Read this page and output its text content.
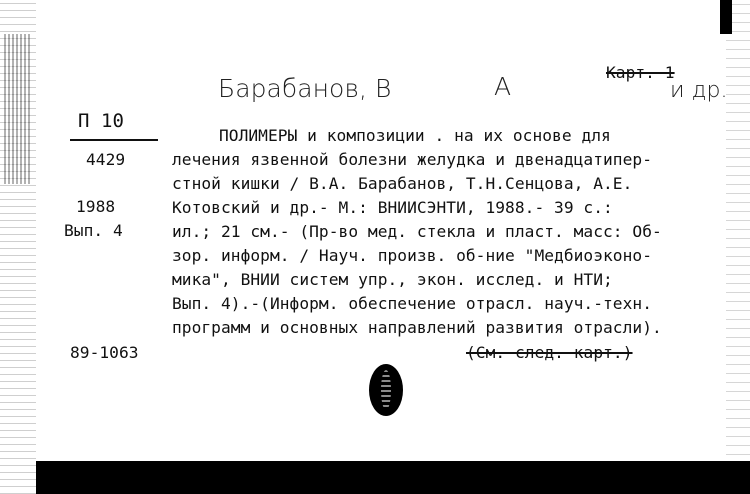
Барабанов, В	А	Карт. 1
и др.
П 10
4429
1988
Вып. 4
89-1063
ПОЛИМЕРЫ и композиции . на их основе для
лечения язвенной болезни желудка и двенадцатипер-
стной кишки / В.А. Барабанов, Т.Н.Сенцова, А.Е.
Котовский и др.- М.: ВНИИСЭНТИ, 1988.- 39 с.:
ил.; 21 см.- (Пр-во мед. стекла и пласт. масс: Об-
зор. информ. / Науч. произв. об-ние "Медбиоэконо-
мика", ВНИИ систем упр., экон. исслед. и НТИ;
Вып. 4).-(Информ. обеспечение отрасл. науч.-техн.
программ и основных направлений развития отрасли).
(См. след. карт.)
